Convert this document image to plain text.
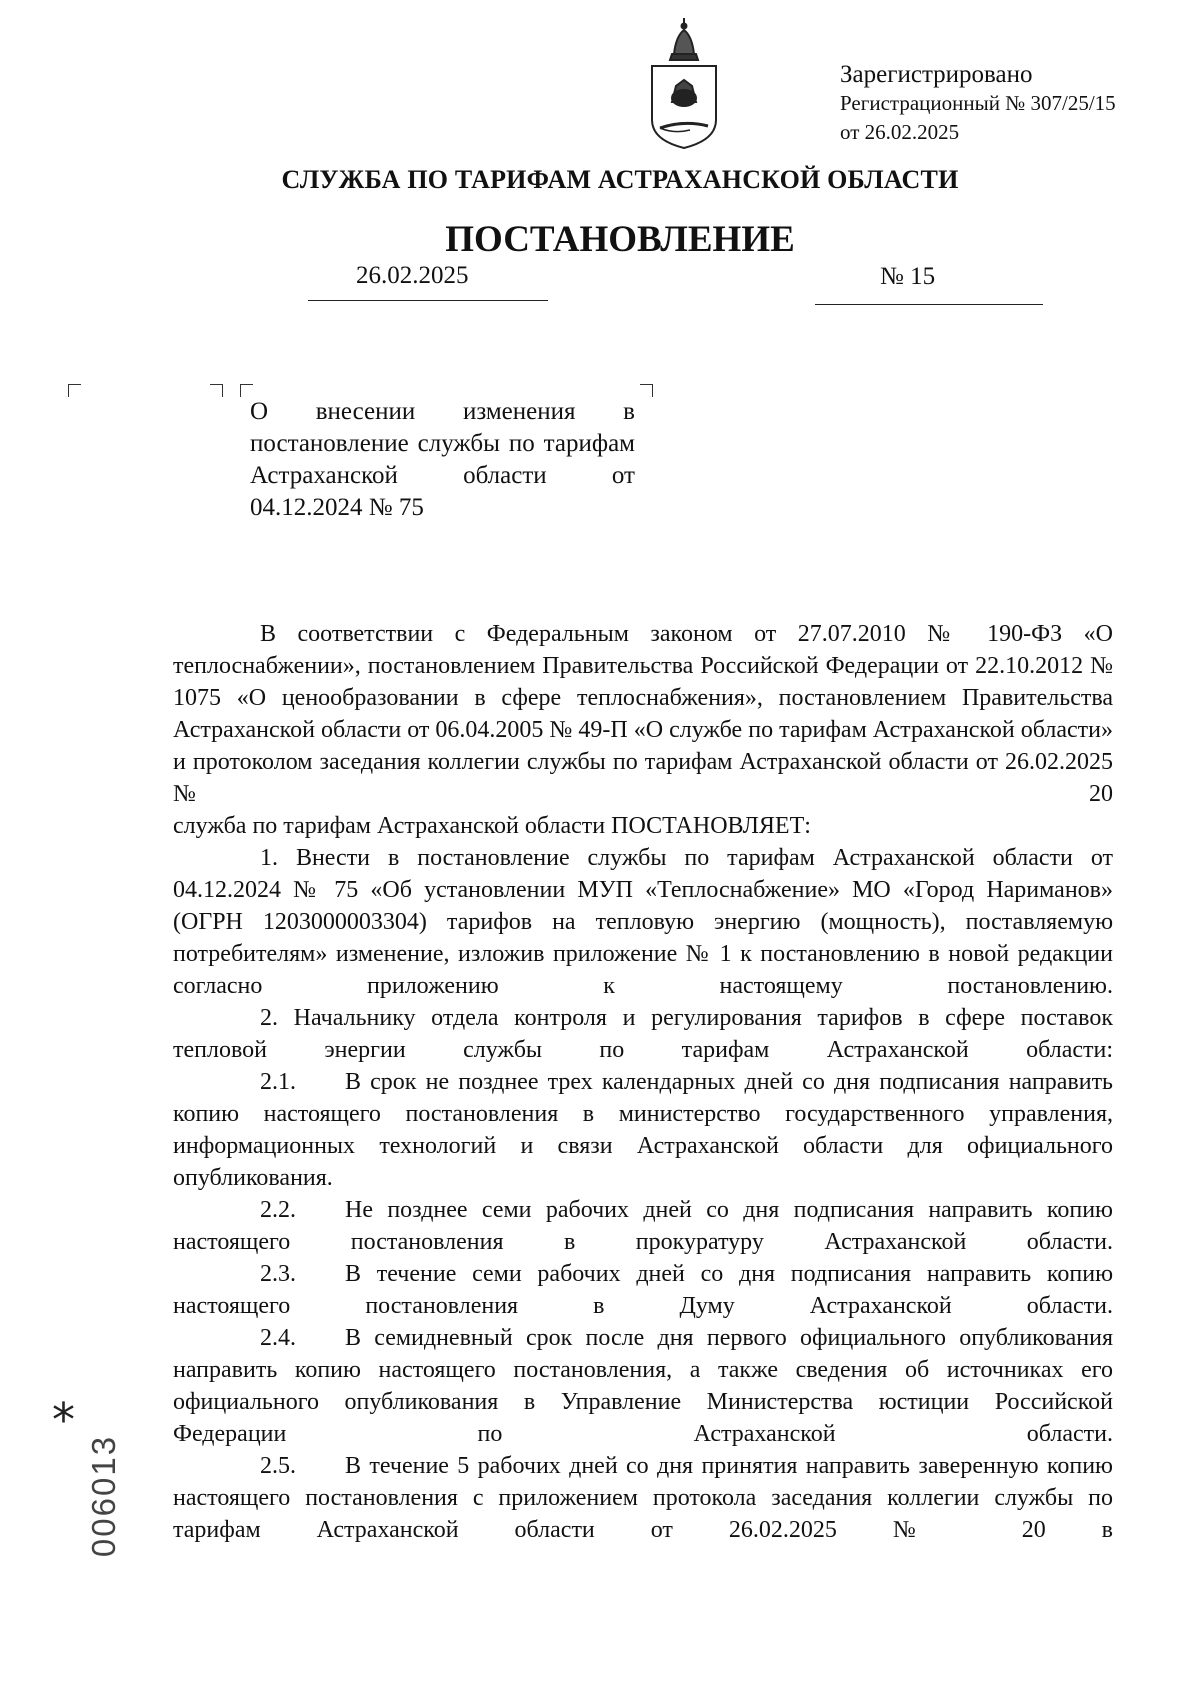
Зарегистрировано
Регистрационный № 307/25/15
от 26.02.2025
СЛУЖБА ПО ТАРИФАМ АСТРАХАНСКОЙ ОБЛАСТИ
ПОСТАНОВЛЕНИЕ
26.02.2025	№ 15

О внесении изменения в постановление службы по тарифам Астраханской области от 04.12.2024 № 75

В соответствии с Федеральным законом от 27.07.2010 № 190-ФЗ «О теплоснабжении», постановлением Правительства Российской Федерации от 22.10.2012 № 1075 «О ценообразовании в сфере теплоснабжения», постановлением Правительства Астраханской области от 06.04.2005 № 49-П «О службе по тарифам Астраханской области» и протоколом заседания коллегии службы по тарифам Астраханской области от 26.02.2025 № 20

служба по тарифам Астраханской области ПОСТАНОВЛЯЕТ:

1. Внести в постановление службы по тарифам Астраханской области от 04.12.2024 № 75 «Об установлении МУП «Теплоснабжение» МО «Город Нариманов» (ОГРН 1203000003304) тарифов на тепловую энергию (мощность), поставляемую потребителям» изменение, изложив приложение № 1 к постановлению в новой редакции согласно приложению к настоящему постановлению.

2. Начальнику отдела контроля и регулирования тарифов в сфере поставок тепловой энергии службы по тарифам Астраханской области:

2.1. В срок не позднее трех календарных дней со дня подписания направить копию настоящего постановления в министерство государственного управления, информационных технологий и связи Астраханской области для официального опубликования.

2.2. Не позднее семи рабочих дней со дня подписания направить копию настоящего постановления в прокуратуру Астраханской области.

2.3. В течение семи рабочих дней со дня подписания направить копию настоящего постановления в Думу Астраханской области.

2.4. В семидневный срок после дня первого официального опубликования направить копию настоящего постановления, а также сведения об источниках его официального опубликования в Управление Министерства юстиции Российской Федерации по Астраханской области.

2.5. В течение 5 рабочих дней со дня принятия направить заверенную копию настоящего постановления с приложением протокола заседания коллегии службы по тарифам Астраханской области от 26.02.2025 № 20 в

*
006013
